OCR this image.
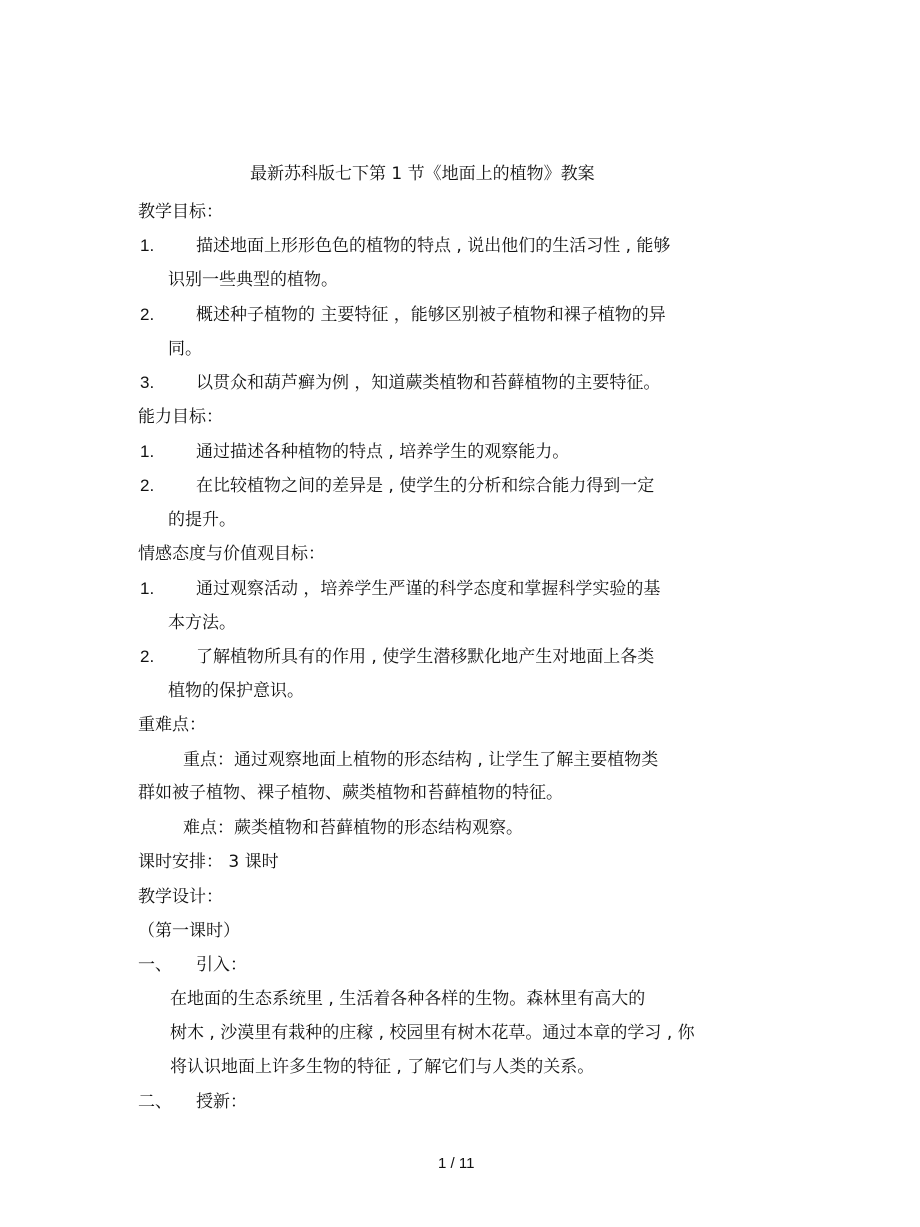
最新苏科版七下第 1 节《地面上的植物》教案
教学目标：
1. 描述地面上形形色色的植物的特点 , 说出他们的生活习性 , 能够
识别一些典型的植物。
2. 概述种子植物的 主要特征 ，能够区别被子植物和裸子植物的异
同。
3. 以贯众和葫芦癣为例 ，知道蕨类植物和苔藓植物的主要特征。
能力目标：
1. 通过描述各种植物的特点 , 培养学生的观察能力。
2. 在比较植物之间的差异是 , 使学生的分析和综合能力得到一定
的提升。
情感态度与价值观目标：
1. 通过观察活动 ，培养学生严谨的科学态度和掌握科学实验的基
本方法。
2. 了解植物所具有的作用 , 使学生潜移默化地产生对地面上各类
植物的保护意识。
重难点：
重点：通过观察地面上植物的形态结构 , 让学生了解主要植物类
群如被子植物、裸子植物、蕨类植物和苔藓植物的特征。
难点：蕨类植物和苔藓植物的形态结构观察。
课时安排： 3 课时
教学设计：
（第一课时）
一、 引入：
在地面的生态系统里 , 生活着各种各样的生物。森林里有高大的
树木 , 沙漠里有栽种的庄稼 , 校园里有树木花草。通过本章的学习 , 你
将认识地面上许多生物的特征 , 了解它们与人类的关系。
二、 授新：
1 / 11
